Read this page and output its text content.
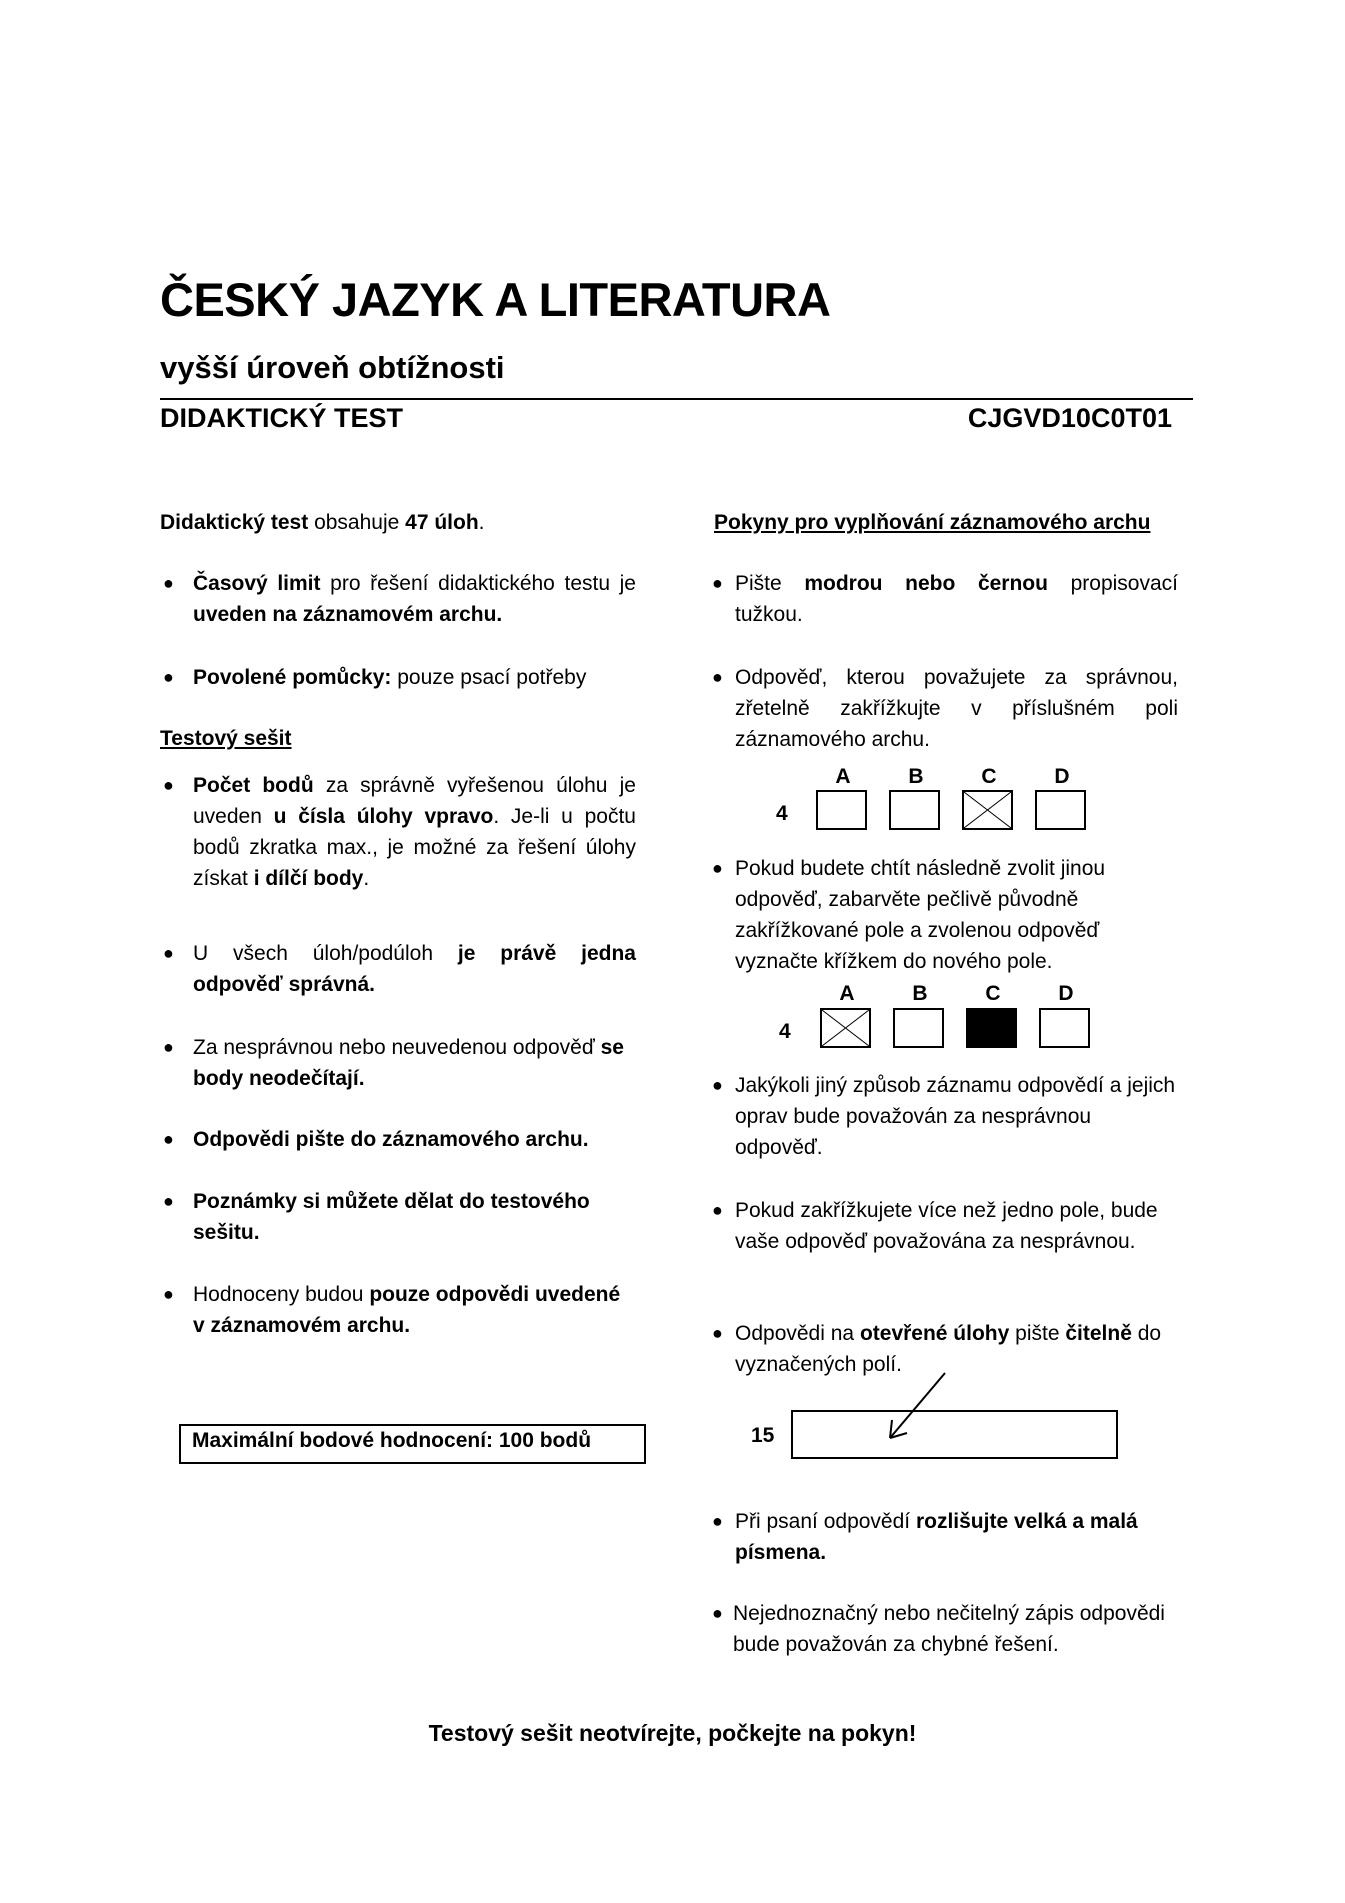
ČESKÝ JAZYK A LITERATURA
vyšší úroveň obtížnosti
DIDAKTICKÝ TEST	CJGVD10C0T01
Didaktický test obsahuje 47 úloh.
● Časový limit pro řešení didaktického testu je uveden na záznamovém archu.
● Povolené pomůcky: pouze psací potřeby
Testový sešit
● Počet bodů za správně vyřešenou úlohu je uveden u čísla úlohy vpravo. Je-li u počtu bodů zkratka max., je možné za řešení úlohy získat i dílčí body.
● U všech úloh/podúloh je právě jedna odpověď správná.
● Za nesprávnou nebo neuvedenou odpověď se body neodečítají.
● Odpovědi pište do záznamového archu.
● Poznámky si můžete dělat do testového sešitu.
● Hodnoceny budou pouze odpovědi uvedené v záznamovém archu.
Maximální bodové hodnocení: 100 bodů
Pokyny pro vyplňování záznamového archu
● Pište modrou nebo černou propisovací tužkou.
● Odpověď, kterou považujete za správnou, zřetelně zakřížkujte v příslušném poli záznamového archu.
A	B	C	D
4
● Pokud budete chtít následně zvolit jinou odpověď, zabarvěte pečlivě původně zakřížkované pole a zvolenou odpověď vyznačte křížkem do nového pole.
A	B	C	D
4
● Jakýkoli jiný způsob záznamu odpovědí a jejich oprav bude považován za nesprávnou odpověď.
● Pokud zakřížkujete více než jedno pole, bude vaše odpověď považována za nesprávnou.
● Odpovědi na otevřené úlohy pište čitelně do vyznačených polí.
15
● Při psaní odpovědí rozlišujte velká a malá písmena.
● Nejednoznačný nebo nečitelný zápis odpovědi bude považován za chybné řešení.
Testový sešit neotvírejte, počkejte na pokyn!
